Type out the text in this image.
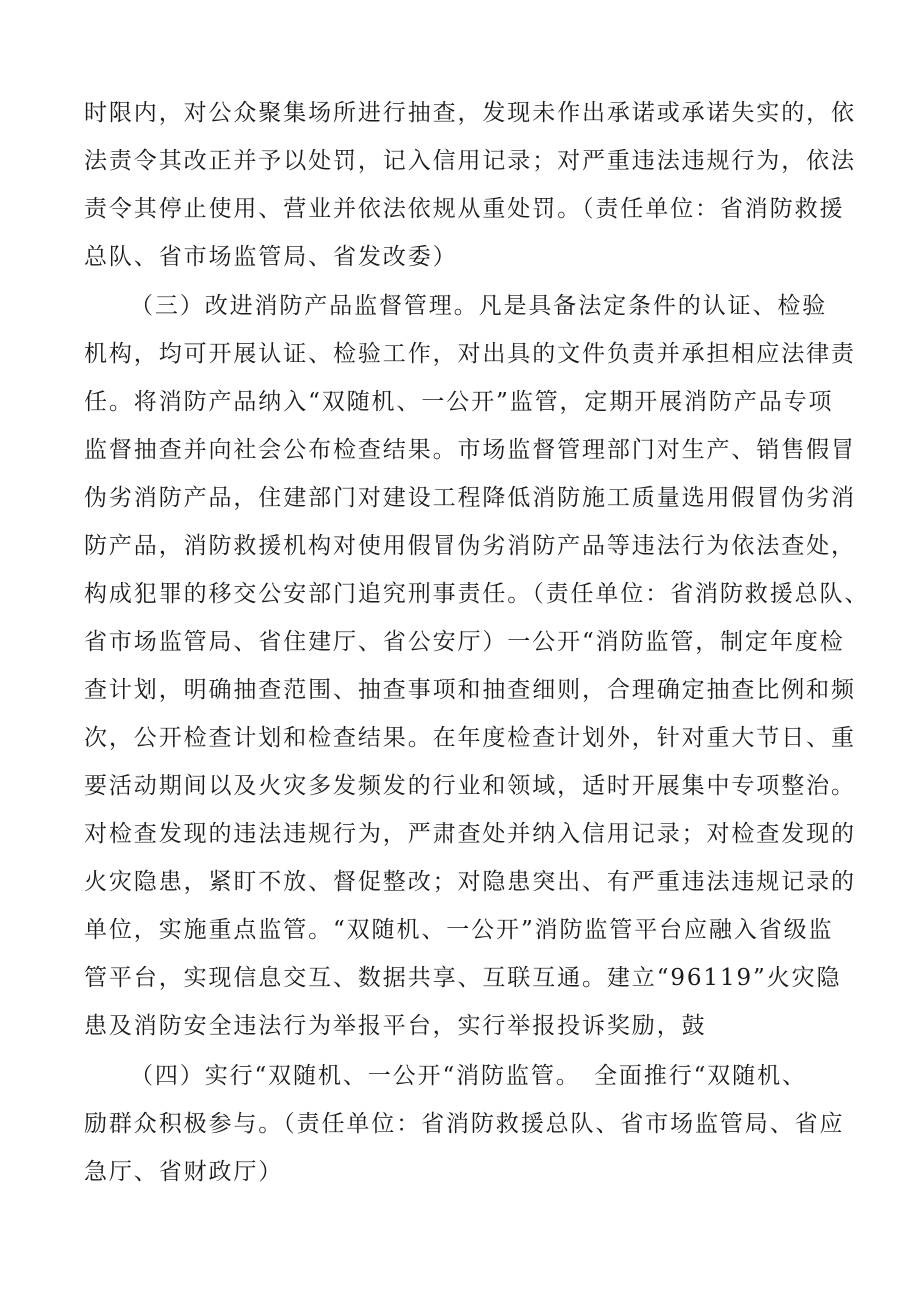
时限内，对公众聚集场所进行抽查，发现未作出承诺或承诺失实的，依
法责令其改正并予以处罚，记入信用记录；对严重违法违规行为，依法
责令其停止使用、营业并依法依规从重处罚。（责任单位：省消防救援
总队、省市场监管局、省发改委）
（三）改进消防产品监督管理。凡是具备法定条件的认证、检验
机构，均可开展认证、检验工作，对出具的文件负责并承担相应法律责
任。将消防产品纳入“双随机、一公开”监管，定期开展消防产品专项
监督抽查并向社会公布检查结果。市场监督管理部门对生产、销售假冒
伪劣消防产品，住建部门对建设工程降低消防施工质量选用假冒伪劣消
防产品，消防救援机构对使用假冒伪劣消防产品等违法行为依法查处，
构成犯罪的移交公安部门追究刑事责任。（责任单位：省消防救援总队、
省市场监管局、省住建厅、省公安厅）一公开“消防监管，制定年度检
查计划，明确抽查范围、抽查事项和抽查细则，合理确定抽查比例和频
次，公开检查计划和检查结果。在年度检查计划外，针对重大节日、重
要活动期间以及火灾多发频发的行业和领域，适时开展集中专项整治。
对检查发现的违法违规行为，严肃查处并纳入信用记录；对检查发现的
火灾隐患，紧盯不放、督促整改；对隐患突出、有严重违法违规记录的
单位，实施重点监管。“双随机、一公开”消防监管平台应融入省级监
管平台，实现信息交互、数据共享、互联互通。建立“96119”火灾隐
患及消防安全违法行为举报平台，实行举报投诉奖励，鼓
（四）实行“双随机、一公开“消防监管。　全面推行“双随机、
励群众积极参与。（责任单位：省消防救援总队、省市场监管局、省应
急厅、省财政厅）
